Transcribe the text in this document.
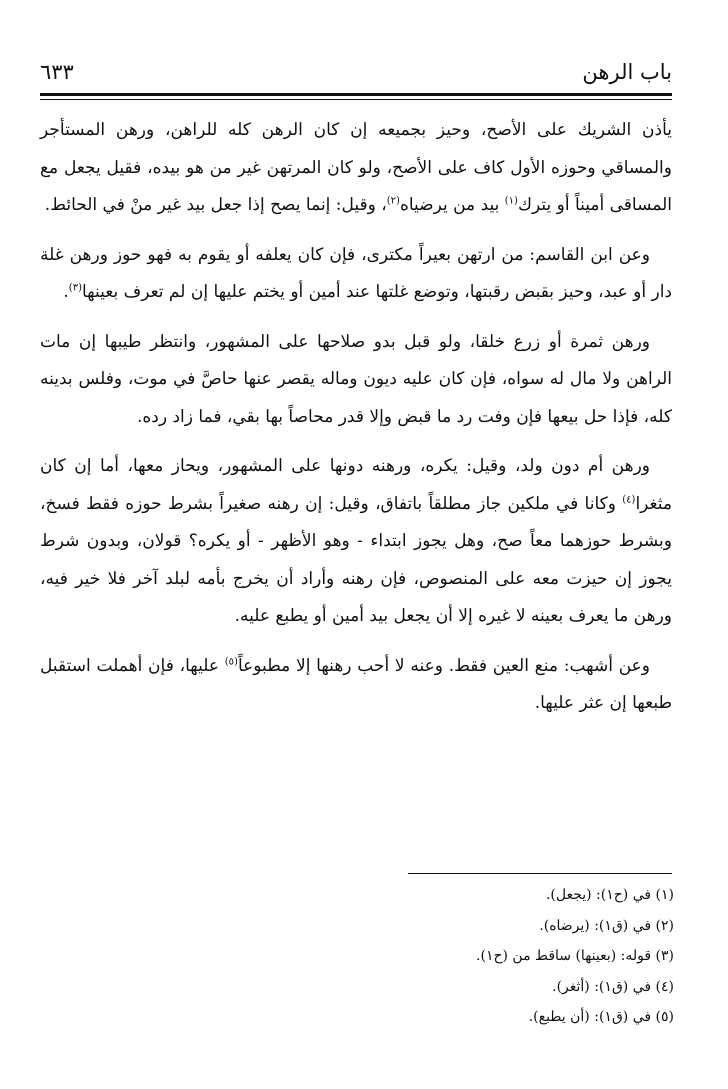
باب الرهن
٦٣٣

يأذن الشريك على الأصح، وحيز بجميعه إن كان الرهن كله للراهن، ورهن المستأجر والمساقي وحوزه الأول كاف على الأصح، ولو كان المرتهن غير من هو بيده، فقيل يجعل مع المساقى أميناً أو يترك$^{(١)}$ بيد من يرضياه$^{(٢)}$، وقيل: إنما يصح إذا جعل بيد غير منْ في الحائط.

وعن ابن القاسم: من ارتهن بعيراً مكترى، فإن كان يعلفه أو يقوم به فهو حوز ورهن غلة دار أو عبد، وحيز بقبض رقبتها، وتوضع غلتها عند أمين أو يختم عليها إن لم تعرف بعينها$^{(٣)}$.

ورهن ثمرة أو زرع خلقا، ولو قبل بدو صلاحها على المشهور، وانتظر طيبها إن مات الراهن ولا مال له سواه، فإن كان عليه ديون وماله يقصر عنها حاصَّ في موت، وفلس بدينه كله، فإذا حل بيعها فإن وفت رد ما قبض وإلا قدر محاصاً بها بقي، فما زاد رده.

ورهن أم دون ولد، وقيل: يكره، ورهنه دونها على المشهور، ويحاز معها، أما إن كان مثغرا$^{(٤)}$ وكانا في ملكين جاز مطلقاً باتفاق، وقيل: إن رهنه صغيراً بشرط حوزه فقط فسخ، وبشرط حوزهما معاً صح، وهل يجوز ابتداء - وهو الأظهر - أو يكره؟ قولان، وبدون شرط يجوز إن حيزت معه على المنصوص، فإن رهنه وأراد أن يخرج بأمه لبلد آخر فلا خير فيه، ورهن ما يعرف بعينه لا غيره إلا أن يجعل بيد أمين أو يطبع عليه.

وعن أشهب: منع العين فقط. وعنه لا أحب رهنها إلا مطبوعاً$^{(٥)}$ عليها، فإن أهملت استقبل طبعها إن عثر عليها.

(١) في (ح١): (يجعل).

(٢) في (ق١): (يرضاه).

(٣) قوله: (بعينها) ساقط من (ح١).

(٤) في (ق١): (أثغر).

(٥) في (ق١): (أن يطبع).
